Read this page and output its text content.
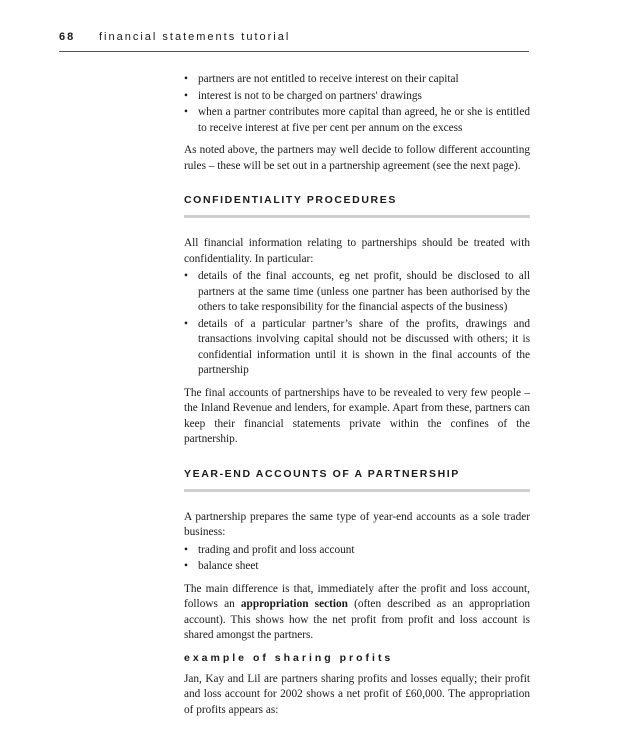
68 financial statements tutorial
• partners are not entitled to receive interest on their capital
• interest is not to be charged on partners' drawings
• when a partner contributes more capital than agreed, he or she is entitled to receive interest at five per cent per annum on the excess

As noted above, the partners may well decide to follow different accounting rules – these will be set out in a partnership agreement (see the next page).

CONFIDENTIALITY PROCEDURES

All financial information relating to partnerships should be treated with confidentiality. In particular:

• details of the final accounts, eg net profit, should be disclosed to all partners at the same time (unless one partner has been authorised by the others to take responsibility for the financial aspects of the business)
• details of a particular partner’s share of the profits, drawings and transactions involving capital should not be discussed with others; it is confidential information until it is shown in the final accounts of the partnership

The final accounts of partnerships have to be revealed to very few people – the Inland Revenue and lenders, for example. Apart from these, partners can keep their financial statements private within the confines of the partnership.

YEAR-END ACCOUNTS OF A PARTNERSHIP

A partnership prepares the same type of year-end accounts as a sole trader business:

• trading and profit and loss account
• balance sheet

The main difference is that, immediately after the profit and loss account, follows an appropriation section (often described as an appropriation account). This shows how the net profit from profit and loss account is shared amongst the partners.

example of sharing profits

Jan, Kay and Lil are partners sharing profits and losses equally; their profit and loss account for 2002 shows a net profit of £60,000. The appropriation of profits appears as:
